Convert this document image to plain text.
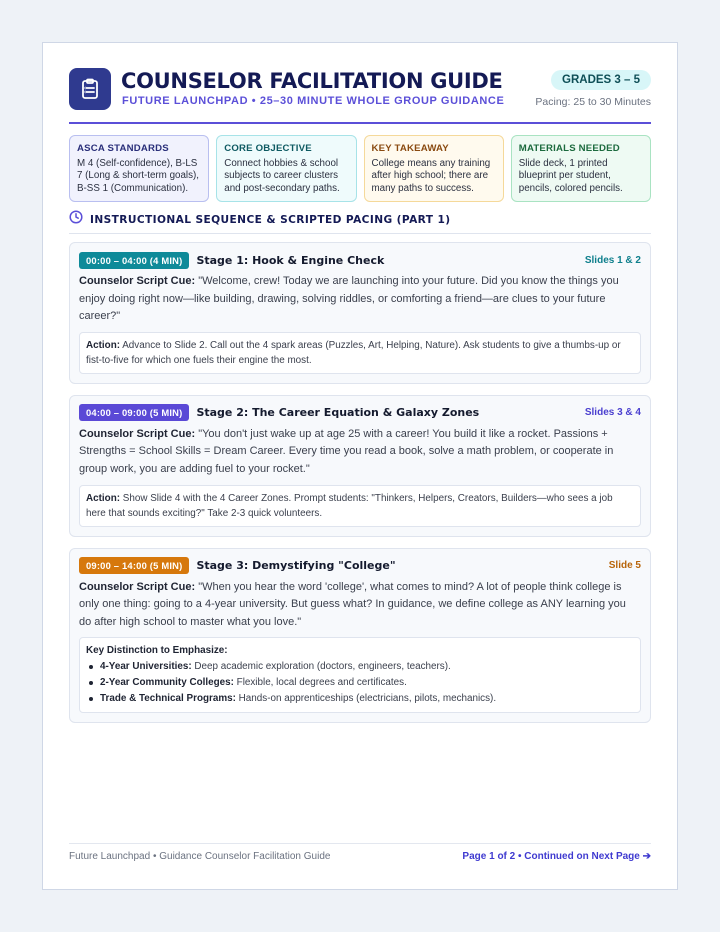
COUNSELOR FACILITATION GUIDE
FUTURE LAUNCHPAD • 25–30 MINUTE WHOLE GROUP GUIDANCE
GRADES 3 – 5
Pacing: 25 to 30 Minutes
ASCA STANDARDS
M 4 (Self-confidence), B-LS 7 (Long & short-term goals), B-SS 1 (Communication).
CORE OBJECTIVE
Connect hobbies & school subjects to career clusters and post-secondary paths.
KEY TAKEAWAY
College means any training after high school; there are many paths to success.
MATERIALS NEEDED
Slide deck, 1 printed blueprint per student, pencils, colored pencils.
INSTRUCTIONAL SEQUENCE & SCRIPTED PACING (PART 1)
00:00 – 04:00 (4 MIN)	Stage 1: Hook & Engine Check	Slides 1 & 2
Counselor Script Cue: "Welcome, crew! Today we are launching into your future. Did you know the things you enjoy doing right now—like building, drawing, solving riddles, or comforting a friend—are clues to your future career?"
Action: Advance to Slide 2. Call out the 4 spark areas (Puzzles, Art, Helping, Nature). Ask students to give a thumbs-up or fist-to-five for which one fuels their engine the most.
04:00 – 09:00 (5 MIN)	Stage 2: The Career Equation & Galaxy Zones	Slides 3 & 4
Counselor Script Cue: "You don't just wake up at age 25 with a career! You build it like a rocket. Passions + Strengths = School Skills = Dream Career. Every time you read a book, solve a math problem, or cooperate in group work, you are adding fuel to your rocket."
Action: Show Slide 4 with the 4 Career Zones. Prompt students: "Thinkers, Helpers, Creators, Builders—who sees a job here that sounds exciting?" Take 2-3 quick volunteers.
09:00 – 14:00 (5 MIN)	Stage 3: Demystifying "College"	Slide 5
Counselor Script Cue: "When you hear the word 'college', what comes to mind? A lot of people think college is only one thing: going to a 4-year university. But guess what? In guidance, we define college as ANY learning you do after high school to master what you love."
Key Distinction to Emphasize:
4-Year Universities: Deep academic exploration (doctors, engineers, teachers).
2-Year Community Colleges: Flexible, local degrees and certificates.
Trade & Technical Programs: Hands-on apprenticeships (electricians, pilots, mechanics).
Future Launchpad • Guidance Counselor Facilitation Guide	Page 1 of 2 • Continued on Next Page ➔
